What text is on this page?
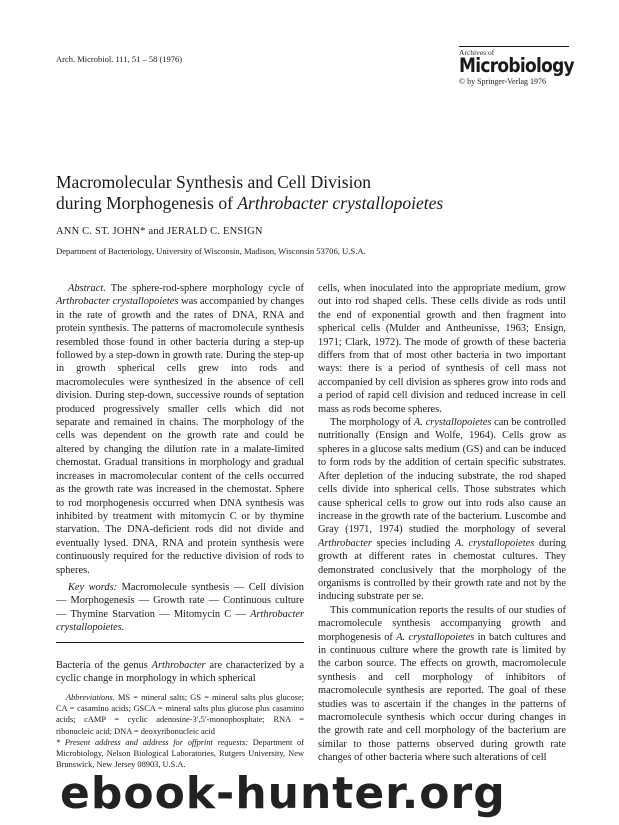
Arch. Microbiol. 111, 51 – 58 (1976)
Archives of
Microbiology
© by Springer-Verlag 1976
Macromolecular Synthesis and Cell Division
during Morphogenesis of Arthrobacter crystallopoietes
ANN C. ST. JOHN* and JERALD C. ENSIGN
Department of Bacteriology, University of Wisconsin, Madison, Wisconsin 53706, U.S.A.

Abstract. The sphere-rod-sphere morphology cycle of Arthrobacter crystallopoietes was accompanied by changes in the rate of growth and the rates of DNA, RNA and protein synthesis. The patterns of macromolecule synthesis resembled those found in other bacteria during a step-up followed by a step-down in growth rate. During the step-up in growth spherical cells grew into rods and macromolecules were synthesized in the absence of cell division. During step-down, successive rounds of septation produced progressively smaller cells which did not separate and remained in chains. The morphology of the cells was dependent on the growth rate and could be altered by changing the dilution rate in a malate-limited chemostat. Gradual transitions in morphology and gradual increases in macromolecular content of the cells occurred as the growth rate was increased in the chemostat. Sphere to rod morphogenesis occurred when DNA synthesis was inhibited by treatment with mitomycin C or by thymine starvation. The DNA-deficient rods did not divide and eventually lysed. DNA, RNA and protein synthesis were continuously required for the reductive division of rods to spheres.

Key words: Macromolecule synthesis — Cell division — Morphogenesis — Growth rate — Continuous culture — Thymine Starvation — Mitomycin C — Arthrobacter crystallopoietes.

Bacteria of the genus Arthrobacter are characterized by a cyclic change in morphology in which spherical

Abbreviations. MS = mineral salts; GS = mineral salts plus glucose; CA = casamino acids; GSCA = mineral salts plus glucose plus casamino acids; cAMP = cyclic adenosine-3′,5′-monophosphate; RNA = ribonucleic acid; DNA = deoxyribonucleic acid

* Present address and address for offprint requests: Department of Microbiology, Nelson Biological Laboratories, Rutgers University, New Brunswick, New Jersey 08903, U.S.A.

cells, when inoculated into the appropriate medium, grow out into rod shaped cells. These cells divide as rods until the end of exponential growth and then fragment into spherical cells (Mulder and Antheunisse, 1963; Ensign, 1971; Clark, 1972). The mode of growth of these bacteria differs from that of most other bacteria in two important ways: there is a period of synthesis of cell mass not accompanied by cell division as spheres grow into rods and a period of rapid cell division and reduced increase in cell mass as rods become spheres.

The morphology of A. crystallopoietes can be controlled nutritionally (Ensign and Wolfe, 1964). Cells grow as spheres in a glucose salts medium (GS) and can be induced to form rods by the addition of certain specific substrates. After depletion of the inducing substrate, the rod shaped cells divide into spherical cells. Those substrates which cause spherical cells to grow out into rods also cause an increase in the growth rate of the bacterium. Luscombe and Gray (1971, 1974) studied the morphology of several Arthrobacter species including A. crystallopoietes during growth at different rates in chemostat cultures. They demonstrated conclusively that the morphology of the organisms is controlled by their growth rate and not by the inducing substrate per se.

This communication reports the results of our studies of macromolecule synthesis accompanying growth and morphogenesis of A. crystallopoietes in batch cultures and in continuous culture where the growth rate is limited by the carbon source. The effects on growth, macromolecule synthesis and cell morphology of inhibitors of macromolecule synthesis are reported. The goal of these studies was to ascertain if the changes in the patterns of macromolecule synthesis which occur during changes in the growth rate and cell morphology of the bacterium are similar to those patterns observed during growth rate changes of other bacteria where such alterations of cell

ebook-hunter.org
